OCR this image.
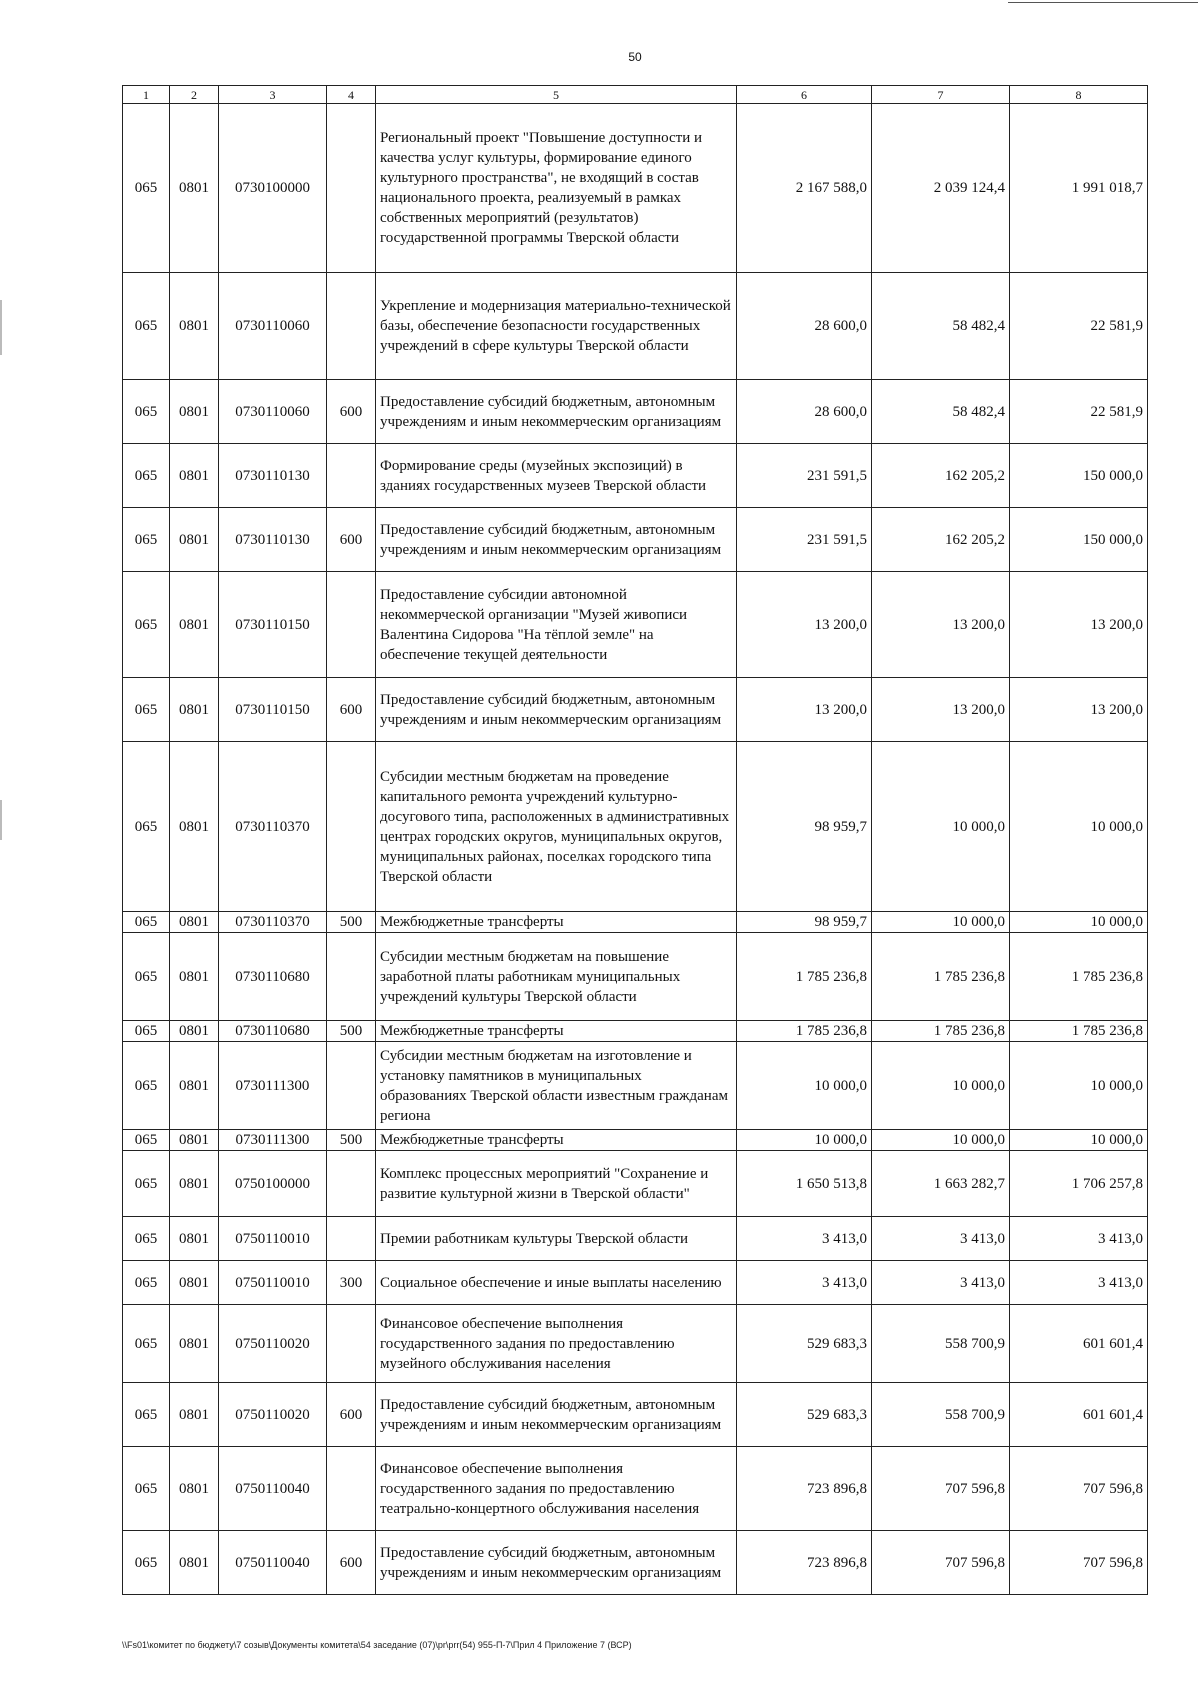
50
1	2	3	4	5	6	7	8
065	0801	0730100000		Региональный проект "Повышение доступности и качества услуг культуры, формирование единого культурного пространства", не входящий в состав национального проекта, реализуемый в рамках собственных мероприятий (результатов) государственной программы Тверской области	2 167 588,0	2 039 124,4	1 991 018,7
065	0801	0730110060		Укрепление и модернизация материально-технической базы, обеспечение безопасности государственных учреждений в сфере культуры Тверской области	28 600,0	58 482,4	22 581,9
065	0801	0730110060	600	Предоставление субсидий бюджетным, автономным учреждениям и иным некоммерческим организациям	28 600,0	58 482,4	22 581,9
065	0801	0730110130		Формирование среды (музейных экспозиций) в зданиях государственных музеев Тверской области	231 591,5	162 205,2	150 000,0
065	0801	0730110130	600	Предоставление субсидий бюджетным, автономным учреждениям и иным некоммерческим организациям	231 591,5	162 205,2	150 000,0
065	0801	0730110150		Предоставление субсидии автономной некоммерческой организации "Музей живописи Валентина Сидорова "На тёплой земле" на обеспечение текущей деятельности	13 200,0	13 200,0	13 200,0
065	0801	0730110150	600	Предоставление субсидий бюджетным, автономным учреждениям и иным некоммерческим организациям	13 200,0	13 200,0	13 200,0
065	0801	0730110370		Субсидии местным бюджетам на проведение капитального ремонта учреждений культурно-досугового типа, расположенных в административных центрах городских округов, муниципальных округов, муниципальных районах, поселках городского типа Тверской области	98 959,7	10 000,0	10 000,0
065	0801	0730110370	500	Межбюджетные трансферты	98 959,7	10 000,0	10 000,0
065	0801	0730110680		Субсидии местным бюджетам на повышение заработной платы работникам муниципальных учреждений культуры Тверской области	1 785 236,8	1 785 236,8	1 785 236,8
065	0801	0730110680	500	Межбюджетные трансферты	1 785 236,8	1 785 236,8	1 785 236,8
065	0801	0730111300		Субсидии местным бюджетам на изготовление и установку памятников в муниципальных образованиях Тверской области известным гражданам региона	10 000,0	10 000,0	10 000,0
065	0801	0730111300	500	Межбюджетные трансферты	10 000,0	10 000,0	10 000,0
065	0801	0750100000		Комплекс процессных мероприятий "Сохранение и развитие культурной жизни в Тверской области"	1 650 513,8	1 663 282,7	1 706 257,8
065	0801	0750110010		Премии работникам культуры Тверской области	3 413,0	3 413,0	3 413,0
065	0801	0750110010	300	Социальное обеспечение и иные выплаты населению	3 413,0	3 413,0	3 413,0
065	0801	0750110020		Финансовое обеспечение выполнения государственного задания по предоставлению музейного обслуживания населения	529 683,3	558 700,9	601 601,4
065	0801	0750110020	600	Предоставление субсидий бюджетным, автономным учреждениям и иным некоммерческим организациям	529 683,3	558 700,9	601 601,4
065	0801	0750110040		Финансовое обеспечение выполнения государственного задания по предоставлению театрально-концертного обслуживания населения	723 896,8	707 596,8	707 596,8
065	0801	0750110040	600	Предоставление субсидий бюджетным, автономным учреждениям и иным некоммерческим организациям	723 896,8	707 596,8	707 596,8
\\Fs01\комитет по бюджету\7 созыв\Документы комитета\54 заседание (07)\pr\prr(54) 955-П-7\Прил 4 Приложение 7 (ВСР)
